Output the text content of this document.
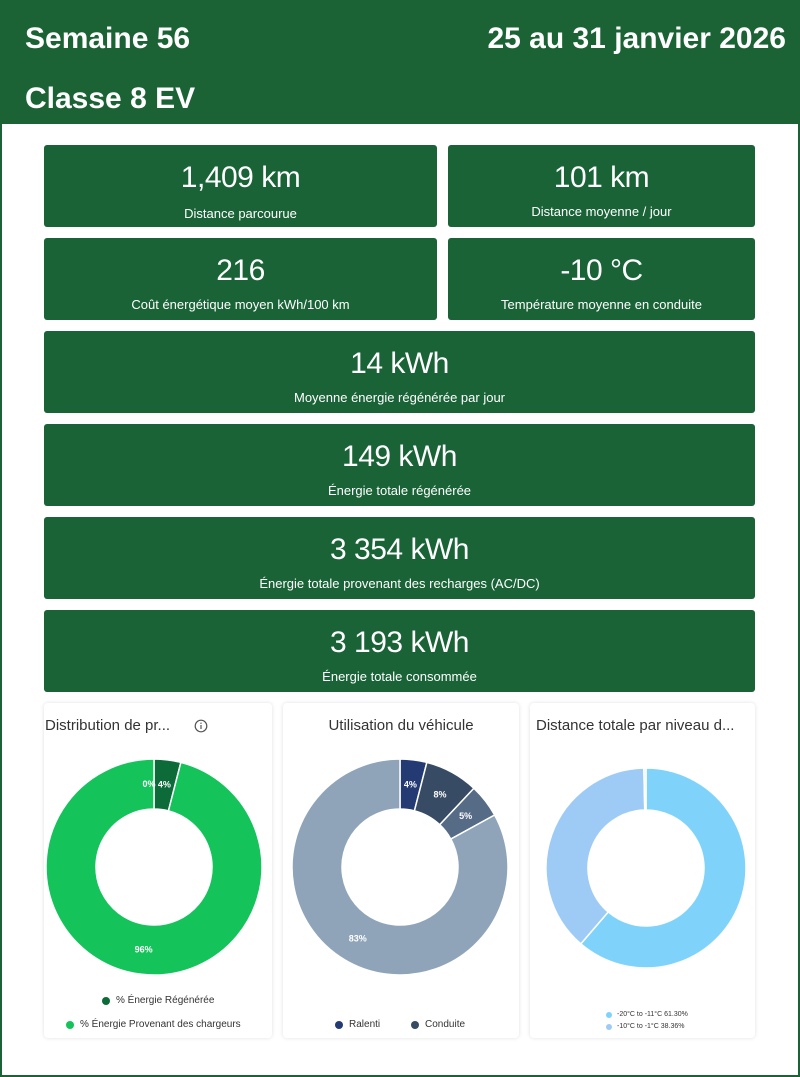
Semaine 56	25 au 31 janvier 2026
Classe 8 EV
1,409 km
Distance parcourue
101 km
Distance moyenne / jour
216
Coût énergétique moyen kWh/100 km
-10 °C
Température moyenne en conduite
14 kWh
Moyenne énergie régénérée par jour
149 kWh
Énergie totale régénérée
3 354 kWh
Énergie totale provenant des recharges (AC/DC)
3 193 kWh
Énergie totale consommée
Distribution de pr...
4%
96%
0%
% Énergie Régénérée
% Énergie Provenant des chargeurs
Utilisation du véhicule
4%
8%
5%
83%
Ralenti	Conduite
Distance totale par niveau d...
-20°C to -11°C 61.30%
-10°C to -1°C 38.36%
